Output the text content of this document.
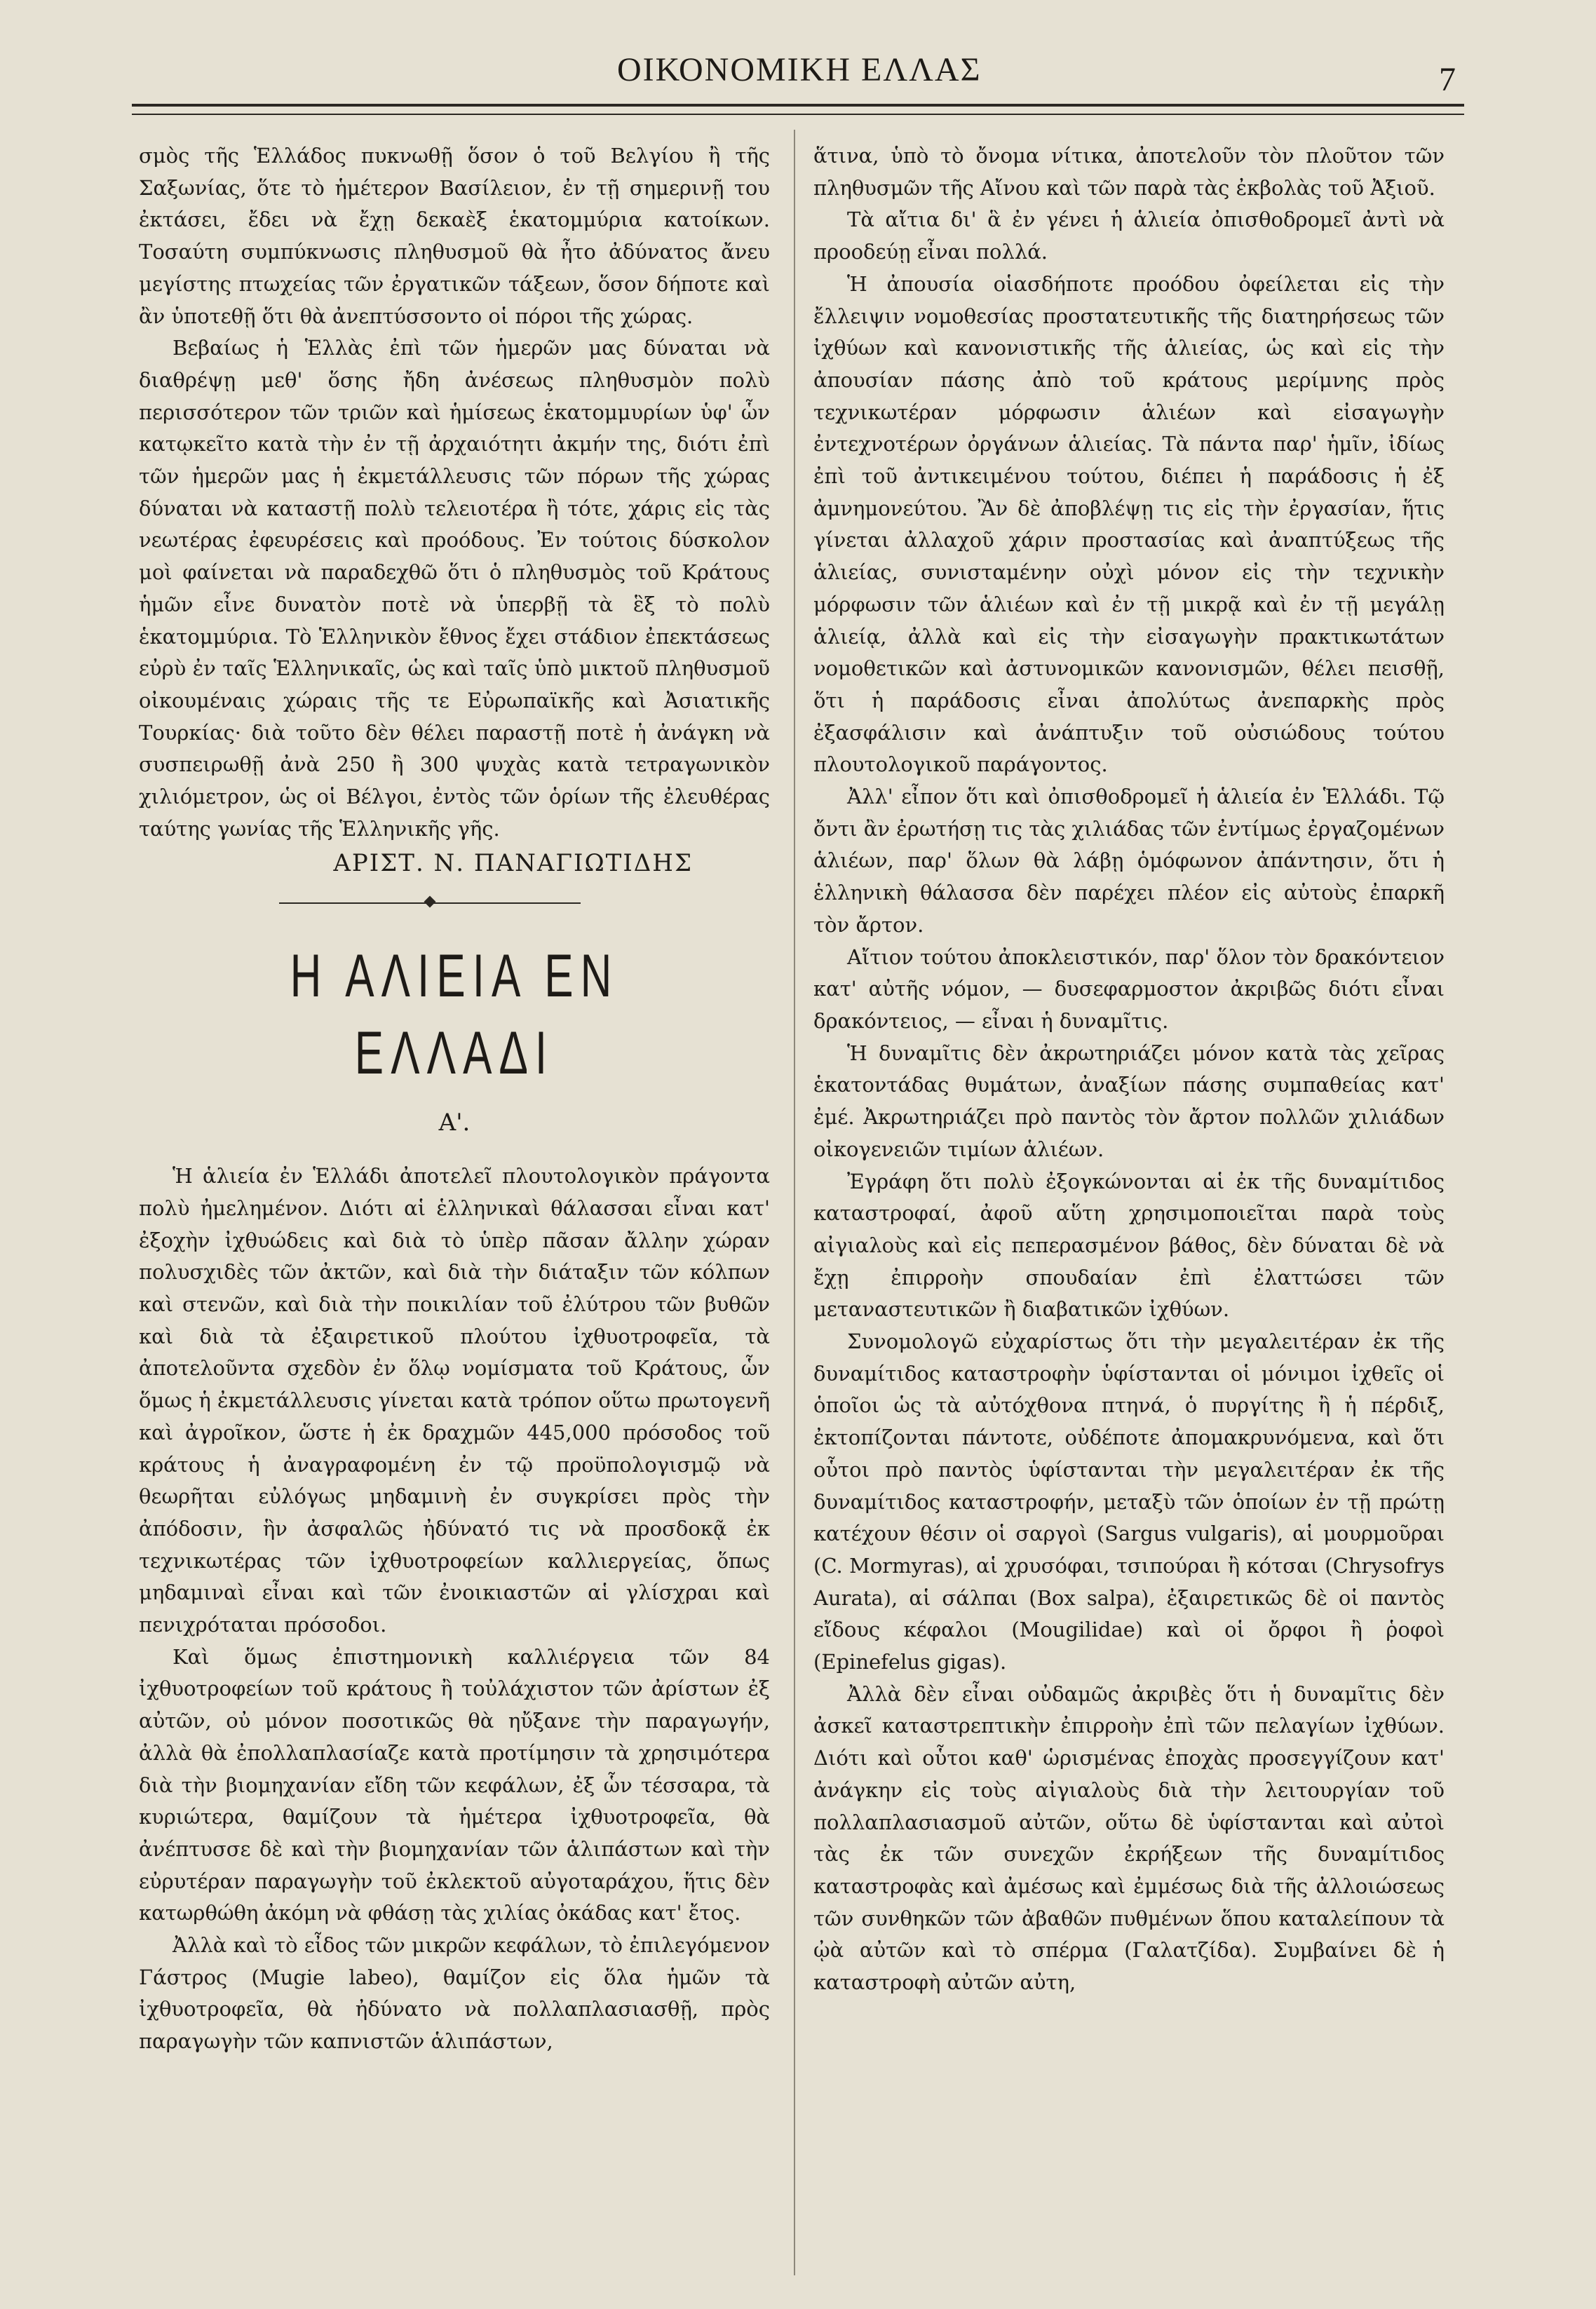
ΟΙΚΟΝΟΜΙΚΗ ΕΛΛΑΣ	7

σμὸς τῆς Ἑλλάδος πυκνωθῇ ὅσον ὁ τοῦ Βελγίου ἢ τῆς Σαξωνίας, ὅτε τὸ ἡμέτερον Βασίλειον, ἐν τῇ σημερινῇ του ἐκτάσει, ἔδει νὰ ἔχῃ δεκαὲξ ἑκατομμύρια κατοίκων. Τοσαύτη συμπύκνωσις πληθυσμοῦ θὰ ἦτο ἀδύνατος ἄνευ μεγίστης πτωχείας τῶν ἐργατικῶν τάξεων, ὅσον δήποτε καὶ ἂν ὑποτεθῇ ὅτι θὰ ἀνεπτύσσοντο οἱ πόροι τῆς χώρας.

Βεβαίως ἡ Ἑλλὰς ἐπὶ τῶν ἡμερῶν μας δύναται νὰ διαθρέψῃ μεθ' ὅσης ἤδη ἀνέσεως πληθυσμὸν πολὺ περισσότερον τῶν τριῶν καὶ ἡμίσεως ἑκατομμυρίων ὑφ' ὧν κατῳκεῖτο κατὰ τὴν ἐν τῇ ἀρχαιότητι ἀκμήν της, διότι ἐπὶ τῶν ἡμερῶν μας ἡ ἐκμετάλλευσις τῶν πόρων τῆς χώρας δύναται νὰ καταστῇ πολὺ τελειοτέρα ἢ τότε, χάρις εἰς τὰς νεωτέρας ἐφευρέσεις καὶ προόδους. Ἐν τούτοις δύσκολον μοὶ φαίνεται νὰ παραδεχθῶ ὅτι ὁ πληθυσμὸς τοῦ Κράτους ἡμῶν εἶνε δυνατὸν ποτὲ νὰ ὑπερβῇ τὰ ἓξ τὸ πολὺ ἑκατομμύρια. Τὸ Ἑλληνικὸν ἔθνος ἔχει στάδιον ἐπεκτάσεως εὐρὺ ἐν ταῖς Ἑλληνικαῖς, ὡς καὶ ταῖς ὑπὸ μικτοῦ πληθυσμοῦ οἰκουμέναις χώραις τῆς τε Εὐρωπαϊκῆς καὶ Ἀσιατικῆς Τουρκίας· διὰ τοῦτο δὲν θέλει παραστῇ ποτὲ ἡ ἀνάγκη νὰ συσπειρωθῇ ἀνὰ 250 ἢ 300 ψυχὰς κατὰ τετραγωνικὸν χιλιόμετρον, ὡς οἱ Βέλγοι, ἐντὸς τῶν ὁρίων τῆς ἐλευθέρας ταύτης γωνίας τῆς Ἑλληνικῆς γῆς.

ΑΡΙΣΤ. Ν. ΠΑΝΑΓΙΩΤΙΔΗΣ
Η ΑΛΙΕΙΑ ΕΝ ΕΛΛΑΔΙ
Α'.

Ἡ ἁλιεία ἐν Ἑλλάδι ἀποτελεῖ πλουτολογικὸν πράγοντα πολὺ ἠμελημένον. Διότι αἱ ἑλληνικαὶ θάλασσαι εἶναι κατ' ἐξοχὴν ἰχθυώδεις καὶ διὰ τὸ ὑπὲρ πᾶσαν ἄλλην χώραν πολυσχιδὲς τῶν ἀκτῶν, καὶ διὰ τὴν διάταξιν τῶν κόλπων καὶ στενῶν, καὶ διὰ τὴν ποικιλίαν τοῦ ἐλύτρου τῶν βυθῶν καὶ διὰ τὰ ἐξαιρετικοῦ πλούτου ἰχθυοτροφεῖα, τὰ ἀποτελοῦντα σχεδὸν ἐν ὅλῳ νομίσματα τοῦ Κράτους, ὧν ὅμως ἡ ἐκμετάλλευσις γίνεται κατὰ τρόπον οὕτω πρωτογενῆ καὶ ἀγροῖκον, ὥστε ἡ ἐκ δραχμῶν 445,000 πρόσοδος τοῦ κράτους ἡ ἀναγραφομένη ἐν τῷ προϋπολογισμῷ νὰ θεωρῆται εὐλόγως μηδαμινὴ ἐν συγκρίσει πρὸς τὴν ἀπόδοσιν, ἣν ἀσφαλῶς ἠδύνατό τις νὰ προσδοκᾷ ἐκ τεχνικωτέρας τῶν ἰχθυοτροφείων καλλιεργείας, ὅπως μηδαμιναὶ εἶναι καὶ τῶν ἐνοικιαστῶν αἱ γλίσχραι καὶ πενιχρόταται πρόσοδοι.

Καὶ ὅμως ἐπιστημονικὴ καλλιέργεια τῶν 84 ἰχθυοτροφείων τοῦ κράτους ἢ τοὐλάχιστον τῶν ἀρίστων ἐξ αὐτῶν, οὐ μόνον ποσοτικῶς θὰ ηὔξανε τὴν παραγωγήν, ἀλλὰ θὰ ἐπολλαπλασίαζε κατὰ προτίμησιν τὰ χρησιμότερα διὰ τὴν βιομηχανίαν εἴδη τῶν κεφάλων, ἐξ ὧν τέσσαρα, τὰ κυριώτερα, θαμίζουν τὰ ἡμέτερα ἰχθυοτροφεῖα, θὰ ἀνέπτυσσε δὲ καὶ τὴν βιομηχανίαν τῶν ἁλιπάστων καὶ τὴν εὐρυτέραν παραγωγὴν τοῦ ἐκλεκτοῦ αὐγοταράχου, ἥτις δὲν κατωρθώθη ἀκόμη νὰ φθάσῃ τὰς χιλίας ὀκάδας κατ' ἔτος.

Ἀλλὰ καὶ τὸ εἶδος τῶν μικρῶν κεφάλων, τὸ ἐπιλεγόμενον Γάστρος (Mugie labeo), θαμίζον εἰς ὅλα ἡμῶν τὰ ἰχθυοτροφεῖα, θὰ ἠδύνατο νὰ πολλαπλασιασθῇ, πρὸς παραγωγὴν τῶν καπνιστῶν ἁλιπάστων,

ἅτινα, ὑπὸ τὸ ὄνομα νίτικα, ἀποτελοῦν τὸν πλοῦτον τῶν πληθυσμῶν τῆς Αἴνου καὶ τῶν παρὰ τὰς ἐκβολὰς τοῦ Ἀξιοῦ.

Τὰ αἴτια δι' ἃ ἐν γένει ἡ ἁλιεία ὀπισθοδρομεῖ ἀντὶ νὰ προοδεύῃ εἶναι πολλά.

Ἡ ἀπουσία οἱασδήποτε προόδου ὀφείλεται εἰς τὴν ἔλλειψιν νομοθεσίας προστατευτικῆς τῆς διατηρήσεως τῶν ἰχθύων καὶ κανονιστικῆς τῆς ἁλιείας, ὡς καὶ εἰς τὴν ἀπουσίαν πάσης ἀπὸ τοῦ κράτους μερίμνης πρὸς τεχνικωτέραν μόρφωσιν ἁλιέων καὶ εἰσαγωγὴν ἐντεχνοτέρων ὀργάνων ἁλιείας. Τὰ πάντα παρ' ἡμῖν, ἰδίως ἐπὶ τοῦ ἀντικειμένου τούτου, διέπει ἡ παράδοσις ἡ ἐξ ἀμνημονεύτου. Ἂν δὲ ἀποβλέψῃ τις εἰς τὴν ἐργασίαν, ἥτις γίνεται ἀλλαχοῦ χάριν προστασίας καὶ ἀναπτύξεως τῆς ἁλιείας, συνισταμένην οὐχὶ μόνον εἰς τὴν τεχνικὴν μόρφωσιν τῶν ἁλιέων καὶ ἐν τῇ μικρᾷ καὶ ἐν τῇ μεγάλῃ ἁλιείᾳ, ἀλλὰ καὶ εἰς τὴν εἰσαγωγὴν πρακτικωτάτων νομοθετικῶν καὶ ἀστυνομικῶν κανονισμῶν, θέλει πεισθῇ, ὅτι ἡ παράδοσις εἶναι ἀπολύτως ἀνεπαρκὴς πρὸς ἐξασφάλισιν καὶ ἀνάπτυξιν τοῦ οὐσιώδους τούτου πλουτολογικοῦ παράγοντος.

Ἀλλ' εἶπον ὅτι καὶ ὀπισθοδρομεῖ ἡ ἁλιεία ἐν Ἑλλάδι. Τῷ ὄντι ἂν ἐρωτήσῃ τις τὰς χιλιάδας τῶν ἐντίμως ἐργαζομένων ἁλιέων, παρ' ὅλων θὰ λάβῃ ὁμόφωνον ἀπάντησιν, ὅτι ἡ ἑλληνικὴ θάλασσα δὲν παρέχει πλέον εἰς αὐτοὺς ἐπαρκῆ τὸν ἄρτον.

Αἴτιον τούτου ἀποκλειστικόν, παρ' ὅλον τὸν δρακόντειον κατ' αὐτῆς νόμον, — δυσεφαρμοστον ἀκριβῶς διότι εἶναι δρακόντειος, — εἶναι ἡ δυναμῖτις.

Ἡ δυναμῖτις δὲν ἀκρωτηριάζει μόνον κατὰ τὰς χεῖρας ἑκατοντάδας θυμάτων, ἀναξίων πάσης συμπαθείας κατ' ἐμέ. Ἀκρωτηριάζει πρὸ παντὸς τὸν ἄρτον πολλῶν χιλιάδων οἰκογενειῶν τιμίων ἁλιέων.

Ἐγράφη ὅτι πολὺ ἐξογκώνονται αἱ ἐκ τῆς δυναμίτιδος καταστροφαί, ἀφοῦ αὕτη χρησιμοποιεῖται παρὰ τοὺς αἰγιαλοὺς καὶ εἰς πεπερασμένον βάθος, δὲν δύναται δὲ νὰ ἔχῃ ἐπιρροὴν σπουδαίαν ἐπὶ ἐλαττώσει τῶν μεταναστευτικῶν ἢ διαβατικῶν ἰχθύων.

Συνομολογῶ εὐχαρίστως ὅτι τὴν μεγαλειτέραν ἐκ τῆς δυναμίτιδος καταστροφὴν ὑφίστανται οἱ μόνιμοι ἰχθεῖς οἱ ὁποῖοι ὡς τὰ αὐτόχθονα πτηνά, ὁ πυργίτης ἢ ἡ πέρδιξ, ἐκτοπίζονται πάντοτε, οὐδέποτε ἀπομακρυνόμενα, καὶ ὅτι οὗτοι πρὸ παντὸς ὑφίστανται τὴν μεγαλειτέραν ἐκ τῆς δυναμίτιδος καταστροφήν, μεταξὺ τῶν ὁποίων ἐν τῇ πρώτῃ κατέχουν θέσιν οἱ σαργοὶ (Sargus vulgaris), αἱ μουρμοῦραι (C. Mormyras), αἱ χρυσόφαι, τσιπούραι ἢ κότσαι (Chrysofrys Aurata), αἱ σάλπαι (Box salpa), ἐξαιρετικῶς δὲ οἱ παντὸς εἴδους κέφαλοι (Mougilidae) καὶ οἱ ὄρφοι ἢ ῥοφοὶ (Epinefelus gigas).

Ἀλλὰ δὲν εἶναι οὐδαμῶς ἀκριβὲς ὅτι ἡ δυναμῖτις δὲν ἀσκεῖ καταστρεπτικὴν ἐπιρροὴν ἐπὶ τῶν πελαγίων ἰχθύων. Διότι καὶ οὗτοι καθ' ὡρισμένας ἐποχὰς προσεγγίζουν κατ' ἀνάγκην εἰς τοὺς αἰγιαλοὺς διὰ τὴν λειτουργίαν τοῦ πολλαπλασιασμοῦ αὐτῶν, οὕτω δὲ ὑφίστανται καὶ αὐτοὶ τὰς ἐκ τῶν συνεχῶν ἐκρήξεων τῆς δυναμίτιδος καταστροφὰς καὶ ἀμέσως καὶ ἐμμέσως διὰ τῆς ἀλλοιώσεως τῶν συνθηκῶν τῶν ἀβαθῶν πυθμένων ὅπου καταλείπουν τὰ ᾠὰ αὐτῶν καὶ τὸ σπέρμα (Γαλατζίδα). Συμβαίνει δὲ ἡ καταστροφὴ αὐτῶν αὐτη,
